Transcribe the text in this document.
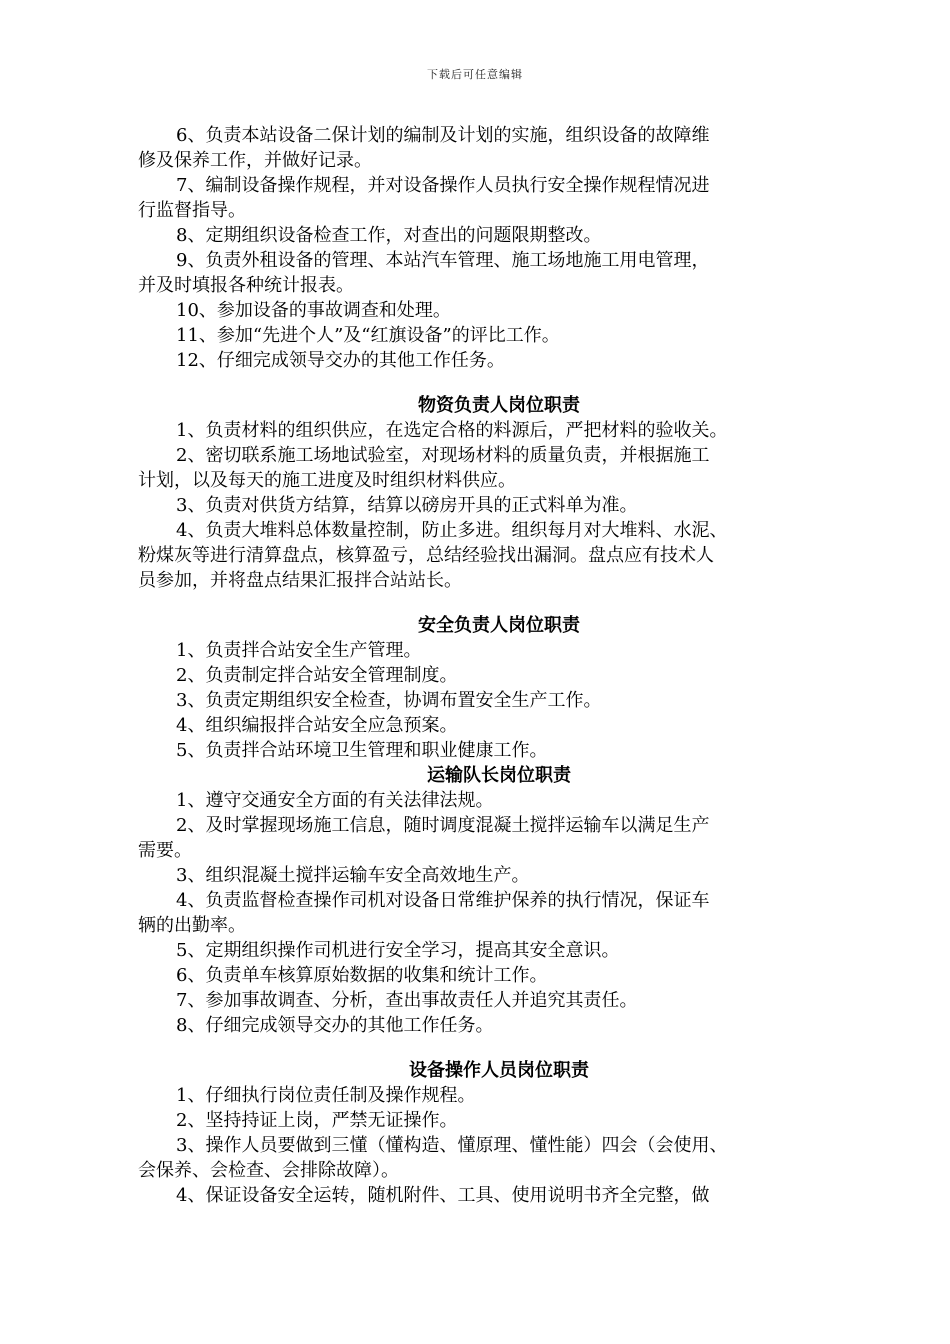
下载后可任意编辑
6、负责本站设备二保计划的编制及计划的实施，组织设备的故障维
修及保养工作，并做好记录。
7、编制设备操作规程，并对设备操作人员执行安全操作规程情况进
行监督指导。
8、定期组织设备检查工作，对查出的问题限期整改。
9、负责外租设备的管理、本站汽车管理、施工场地施工用电管理，
并及时填报各种统计报表。
10、参加设备的事故调查和处理。
11、参加“先进个人”及“红旗设备”的评比工作。
12、仔细完成领导交办的其他工作任务。
物资负责人岗位职责
1、负责材料的组织供应，在选定合格的料源后，严把材料的验收关。
2、密切联系施工场地试验室，对现场材料的质量负责，并根据施工
计划，以及每天的施工进度及时组织材料供应。
3、负责对供货方结算，结算以磅房开具的正式料单为准。
4、负责大堆料总体数量控制，防止多进。组织每月对大堆料、水泥、
粉煤灰等进行清算盘点，核算盈亏，总结经验找出漏洞。盘点应有技术人
员参加，并将盘点结果汇报拌合站站长。
安全负责人岗位职责
1、负责拌合站安全生产管理。
2、负责制定拌合站安全管理制度。
3、负责定期组织安全检查，协调布置安全生产工作。
4、组织编报拌合站安全应急预案。
5、负责拌合站环境卫生管理和职业健康工作。
运输队长岗位职责
1、遵守交通安全方面的有关法律法规。
2、及时掌握现场施工信息，随时调度混凝土搅拌运输车以满足生产
需要。
3、组织混凝土搅拌运输车安全高效地生产。
4、负责监督检查操作司机对设备日常维护保养的执行情况，保证车
辆的出勤率。
5、定期组织操作司机进行安全学习，提高其安全意识。
6、负责单车核算原始数据的收集和统计工作。
7、参加事故调查、分析，查出事故责任人并追究其责任。
8、仔细完成领导交办的其他工作任务。
设备操作人员岗位职责
1、仔细执行岗位责任制及操作规程。
2、坚持持证上岗，严禁无证操作。
3、操作人员要做到三懂（懂构造、懂原理、懂性能）四会（会使用、
会保养、会检查、会排除故障）。
4、保证设备安全运转，随机附件、工具、使用说明书齐全完整，做
